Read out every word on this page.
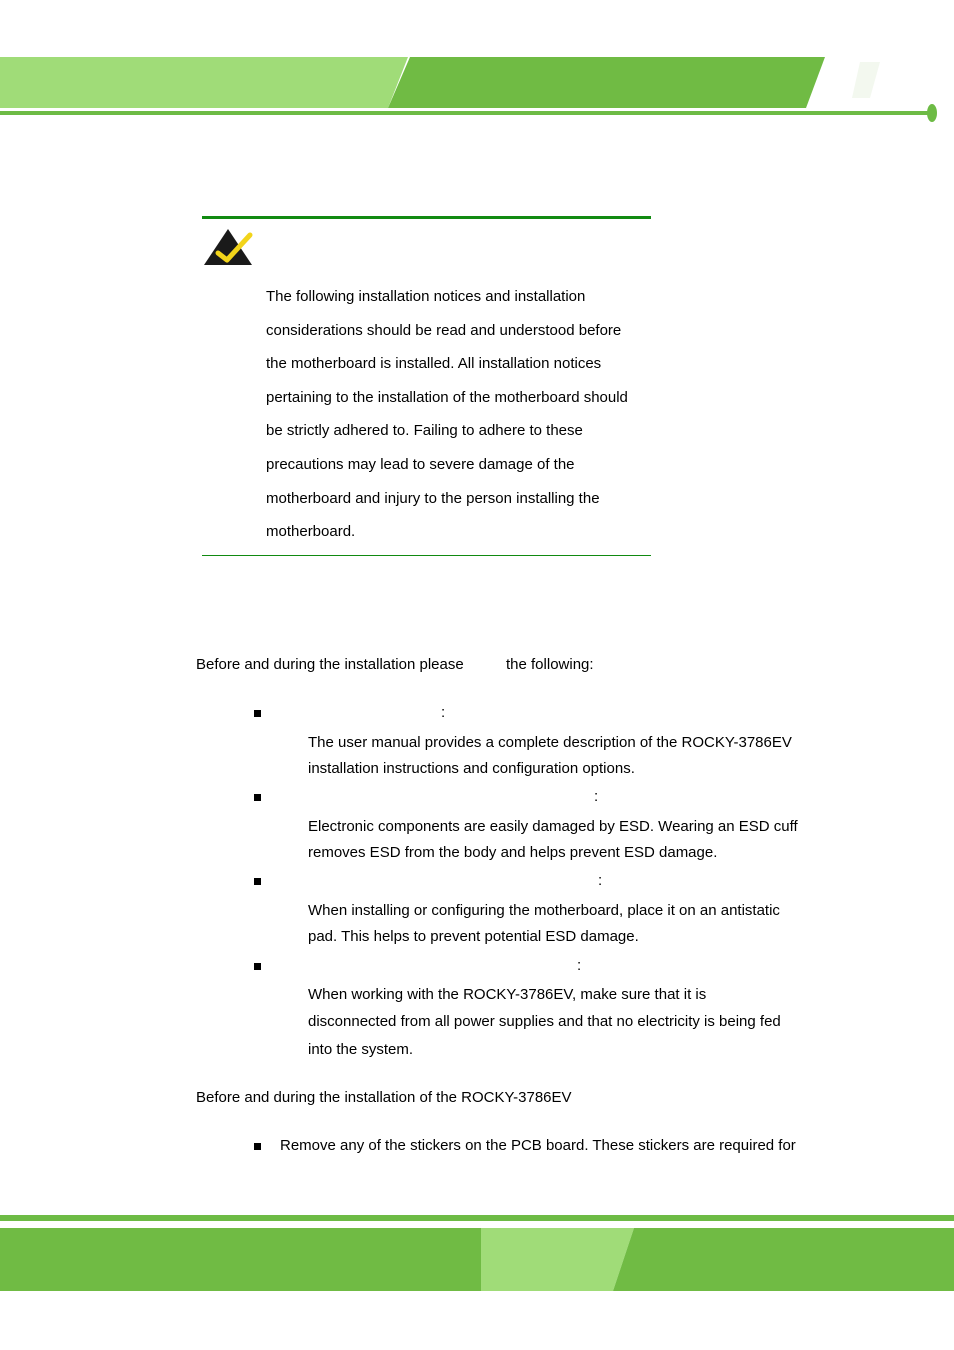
The following installation notices and installation
considerations should be read and understood before
the motherboard is installed. All installation notices
pertaining to the installation of the motherboard should
be strictly adhered to. Failing to adhere to these
precautions may lead to severe damage of the
motherboard and injury to the person installing the
motherboard.
Before and during the installation please	the following:
:
The user manual provides a complete description of the ROCKY-3786EV
installation instructions and configuration options.
:
Electronic components are easily damaged by ESD. Wearing an ESD cuff
removes ESD from the body and helps prevent ESD damage.
:
When installing or configuring the motherboard, place it on an antistatic
pad. This helps to prevent potential ESD damage.
:
When working with the ROCKY-3786EV, make sure that it is
disconnected from all power supplies and that no electricity is being fed
into the system.
Before and during the installation of the ROCKY-3786EV
Remove any of the stickers on the PCB board. These stickers are required for
